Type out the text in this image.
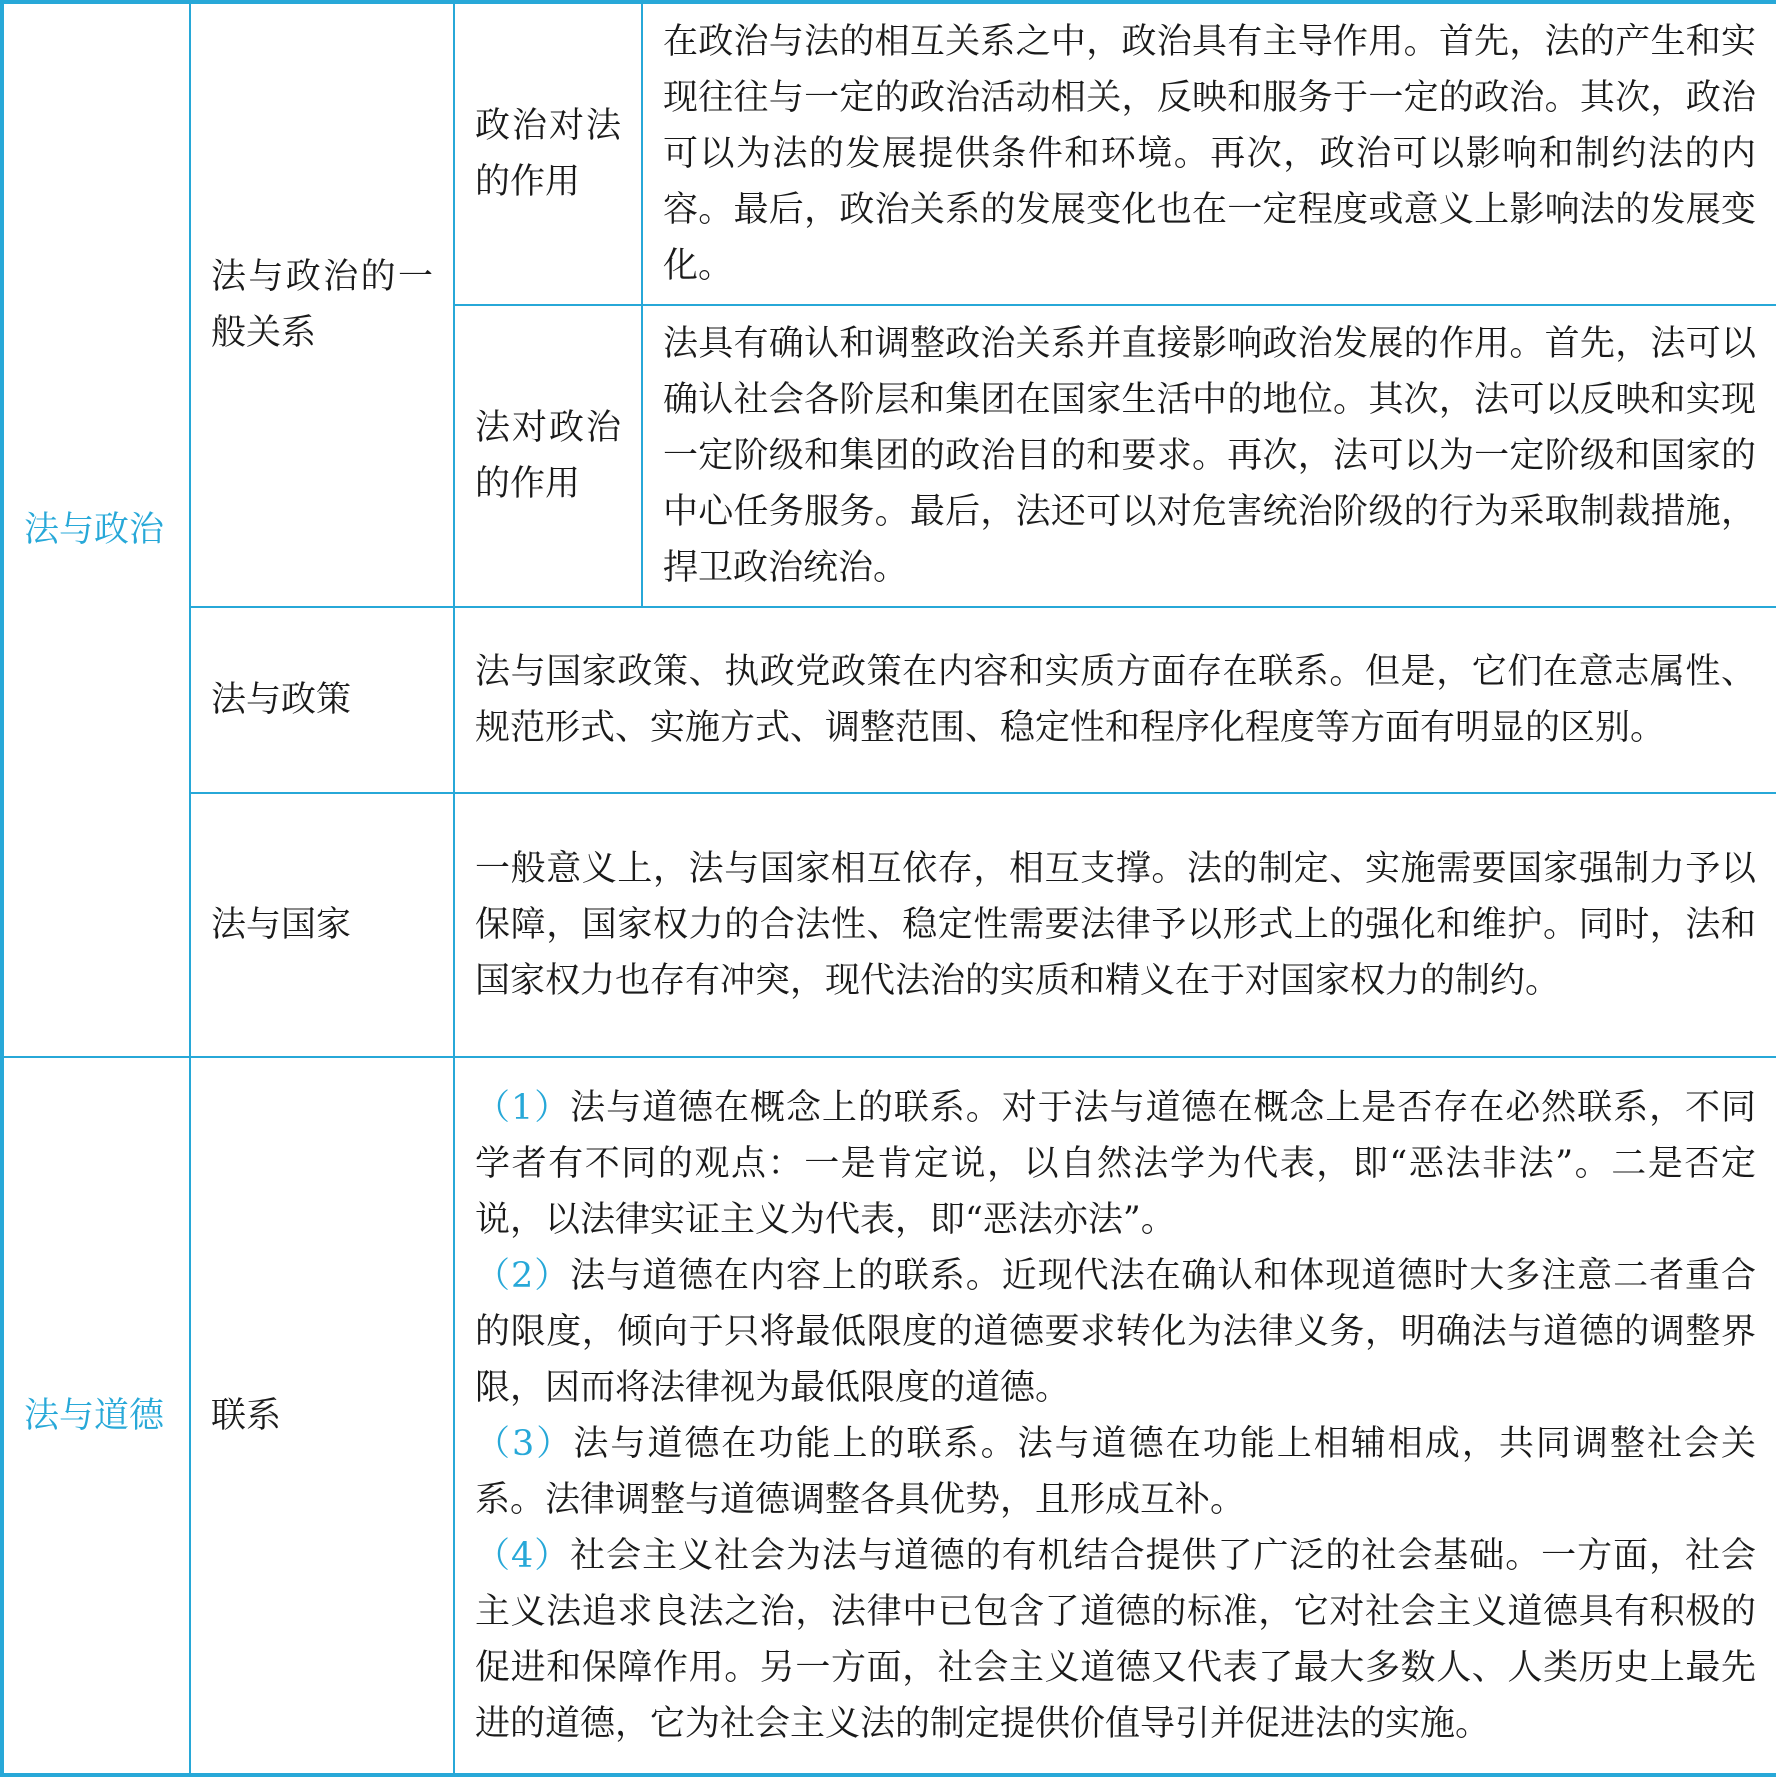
法与政治	法与政治的一般关系	政治对法的作用	在政治与法的相互关系之中，政治具有主导作用。首先，法的产生和实现往往与一定的政治活动相关，反映和服务于一定的政治。其次，政治可以为法的发展提供条件和环境。再次，政治可以影响和制约法的内容。最后，政治关系的发展变化也在一定程度或意义上影响法的发展变化。
		法对政治的作用	法具有确认和调整政治关系并直接影响政治发展的作用。首先，法可以确认社会各阶层和集团在国家生活中的地位。其次，法可以反映和实现一定阶级和集团的政治目的和要求。再次，法可以为一定阶级和国家的中心任务服务。最后，法还可以对危害统治阶级的行为采取制裁措施，捍卫政治统治。
	法与政策	法与国家政策、执政党政策在内容和实质方面存在联系。但是，它们在意志属性、规范形式、实施方式、调整范围、稳定性和程序化程度等方面有明显的区别。	
	法与国家	一般意义上，法与国家相互依存，相互支撑。法的制定、实施需要国家强制力予以保障，国家权力的合法性、稳定性需要法律予以形式上的强化和维护。同时，法和国家权力也存有冲突，现代法治的实质和精义在于对国家权力的制约。	
法与道德	联系	（1）法与道德在概念上的联系。对于法与道德在概念上是否存在必然联系，不同学者有不同的观点：一是肯定说，以自然法学为代表，即“恶法非法”。二是否定说，以法律实证主义为代表，即“恶法亦法”。
（2）法与道德在内容上的联系。近现代法在确认和体现道德时大多注意二者重合的限度，倾向于只将最低限度的道德要求转化为法律义务，明确法与道德的调整界限，因而将法律视为最低限度的道德。
（3）法与道德在功能上的联系。法与道德在功能上相辅相成，共同调整社会关系。法律调整与道德调整各具优势，且形成互补。
（4）社会主义社会为法与道德的有机结合提供了广泛的社会基础。一方面，社会主义法追求良法之治，法律中已包含了道德的标准，它对社会主义道德具有积极的促进和保障作用。另一方面，社会主义道德又代表了最大多数人、人类历史上最先进的道德，它为社会主义法的制定提供价值导引并促进法的实施。	
